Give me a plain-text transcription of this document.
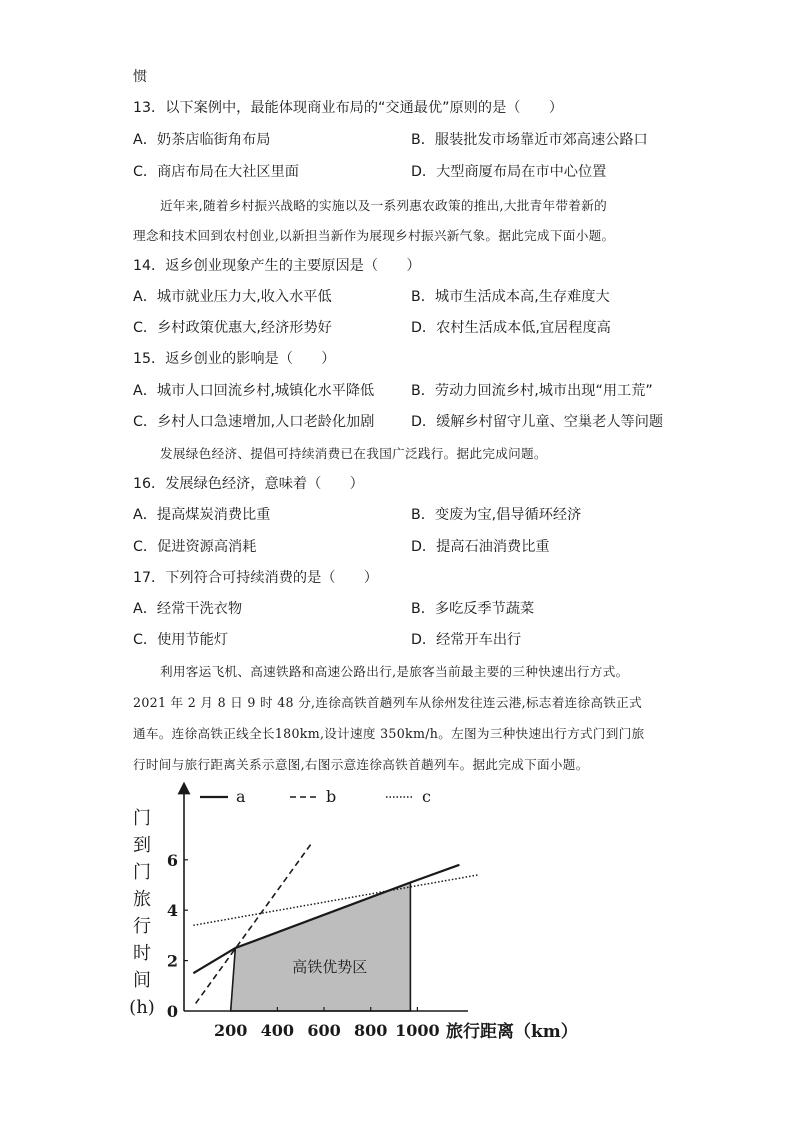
惯
13．以下案例中，最能体现商业布局的“交通最优”原则的是（　　）
A．奶茶店临街角布局	B．服装批发市场靠近市郊高速公路口
C．商店布局在大社区里面	D．大型商厦布局在市中心位置
近年来,随着乡村振兴战略的实施以及一系列惠农政策的推出,大批青年带着新的
理念和技术回到农村创业,以新担当新作为展现乡村振兴新气象。据此完成下面小题。
14．返乡创业现象产生的主要原因是（　　）
A．城市就业压力大,收入水平低	B．城市生活成本高,生存难度大
C．乡村政策优惠大,经济形势好	D．农村生活成本低,宜居程度高
15．返乡创业的影响是（　　）
A．城市人口回流乡村,城镇化水平降低	B．劳动力回流乡村,城市出现“用工荒”
C．乡村人口急速增加,人口老龄化加剧	D．缓解乡村留守儿童、空巢老人等问题
发展绿色经济、提倡可持续消费已在我国广泛践行。据此完成问题。
16．发展绿色经济，意味着（　　）
A．提高煤炭消费比重	B．变废为宝,倡导循环经济
C．促进资源高消耗	D．提高石油消费比重
17．下列符合可持续消费的是（　　）
A．经常干洗衣物	B．多吃反季节蔬菜
C．使用节能灯	D．经常开车出行
利用客运飞机、高速铁路和高速公路出行,是旅客当前最主要的三种快速出行方式。
2021 年 2 月 8 日 9 时 48 分,连徐高铁首趟列车从徐州发往连云港,标志着连徐高铁正式
通车。连徐高铁正线全长180km,设计速度 350km/h。左图为三种快速出行方式门到门旅
行时间与旅行距离关系示意图,右图示意连徐高铁首趟列车。据此完成下面小题。
高铁优势区
200 400 600 800 1000
0
2
4
6
a	b	c
门到门旅行时间(h)
旅行距离（km）
